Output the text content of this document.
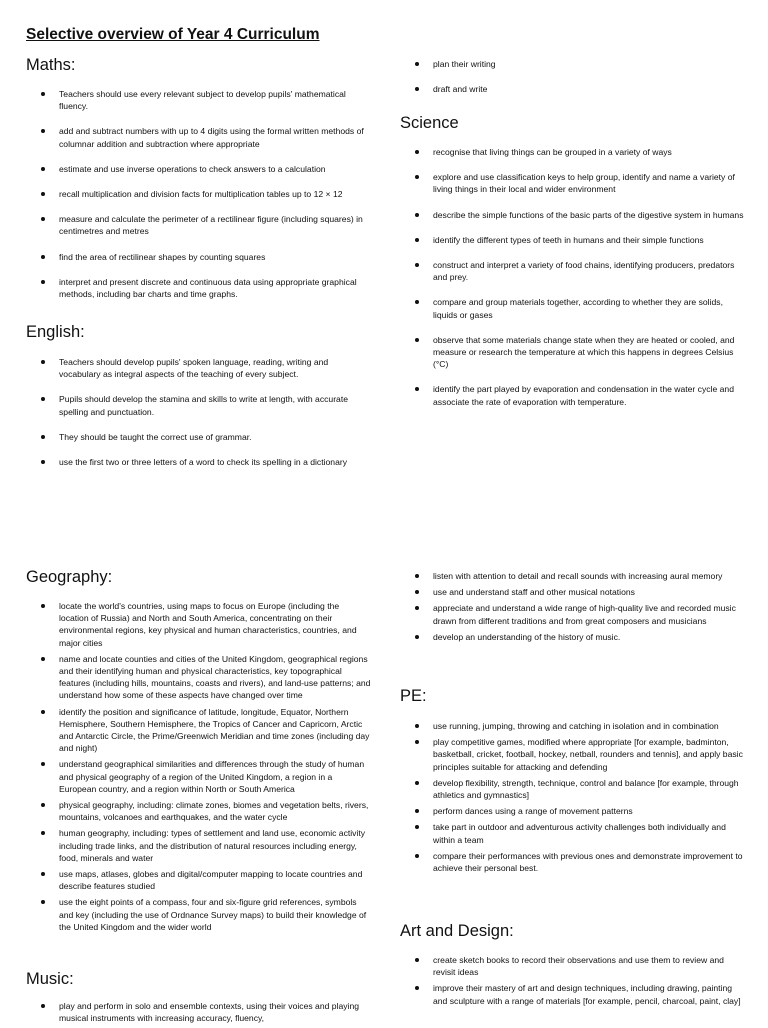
Selective overview of Year 4 Curriculum
Maths:
Teachers should use every relevant subject to develop pupils' mathematical fluency.
add and subtract numbers with up to 4 digits using the formal written methods of columnar addition and subtraction where appropriate
estimate and use inverse operations to check answers to a calculation
recall multiplication and division facts for multiplication tables up to 12 × 12
measure and calculate the perimeter of a rectilinear figure (including squares) in centimetres and metres
find the area of rectilinear shapes by counting squares
interpret and present discrete and continuous data using appropriate graphical methods, including bar charts and time graphs.
English:
Teachers should develop pupils' spoken language, reading, writing and vocabulary as integral aspects of the teaching of every subject.
Pupils should develop the stamina and skills to write at length, with accurate spelling and punctuation.
They should be taught the correct use of grammar.
use the first two or three letters of a word to check its spelling in a dictionary
plan their writing
draft and write
Science
recognise that living things can be grouped in a variety of ways
explore and use classification keys to help group, identify and name a variety of living things in their local and wider environment
describe the simple functions of the basic parts of the digestive system in humans
identify the different types of teeth in humans and their simple functions
construct and interpret a variety of food chains, identifying producers, predators and prey.
compare and group materials together, according to whether they are solids, liquids or gases
observe that some materials change state when they are heated or cooled, and measure or research the temperature at which this happens in degrees Celsius (°C)
identify the part played by evaporation and condensation in the water cycle and associate the rate of evaporation with temperature.
Geography:
locate the world's countries, using maps to focus on Europe (including the location of Russia) and North and South America, concentrating on their environmental regions, key physical and human characteristics, countries, and major cities
name and locate counties and cities of the United Kingdom, geographical regions and their identifying human and physical characteristics, key topographical features (including hills, mountains, coasts and rivers), and land-use patterns; and understand how some of these aspects have changed over time
identify the position and significance of latitude, longitude, Equator, Northern Hemisphere, Southern Hemisphere, the Tropics of Cancer and Capricorn, Arctic and Antarctic Circle, the Prime/Greenwich Meridian and time zones (including day and night)
understand geographical similarities and differences through the study of human and physical geography of a region of the United Kingdom, a region in a European country, and a region within North or South America
physical geography, including: climate zones, biomes and vegetation belts, rivers, mountains, volcanoes and earthquakes, and the water cycle
human geography, including: types of settlement and land use, economic activity including trade links, and the distribution of natural resources including energy, food, minerals and water
use maps, atlases, globes and digital/computer mapping to locate countries and describe features studied
use the eight points of a compass, four and six-figure grid references, symbols and key (including the use of Ordnance Survey maps) to build their knowledge of the United Kingdom and the wider world
Music:
play and perform in solo and ensemble contexts, using their voices and playing musical instruments with increasing accuracy, fluency,
listen with attention to detail and recall sounds with increasing aural memory
use and understand staff and other musical notations
appreciate and understand a wide range of high-quality live and recorded music drawn from different traditions and from great composers and musicians
develop an understanding of the history of music.
PE:
use running, jumping, throwing and catching in isolation and in combination
play competitive games, modified where appropriate [for example, badminton, basketball, cricket, football, hockey, netball, rounders and tennis], and apply basic principles suitable for attacking and defending
develop flexibility, strength, technique, control and balance [for example, through athletics and gymnastics]
perform dances using a range of movement patterns
take part in outdoor and adventurous activity challenges both individually and within a team
compare their performances with previous ones and demonstrate improvement to achieve their personal best.
Art and Design:
create sketch books to record their observations and use them to review and revisit ideas
improve their mastery of art and design techniques, including drawing, painting and sculpture with a range of materials [for example, pencil, charcoal, paint, clay]
